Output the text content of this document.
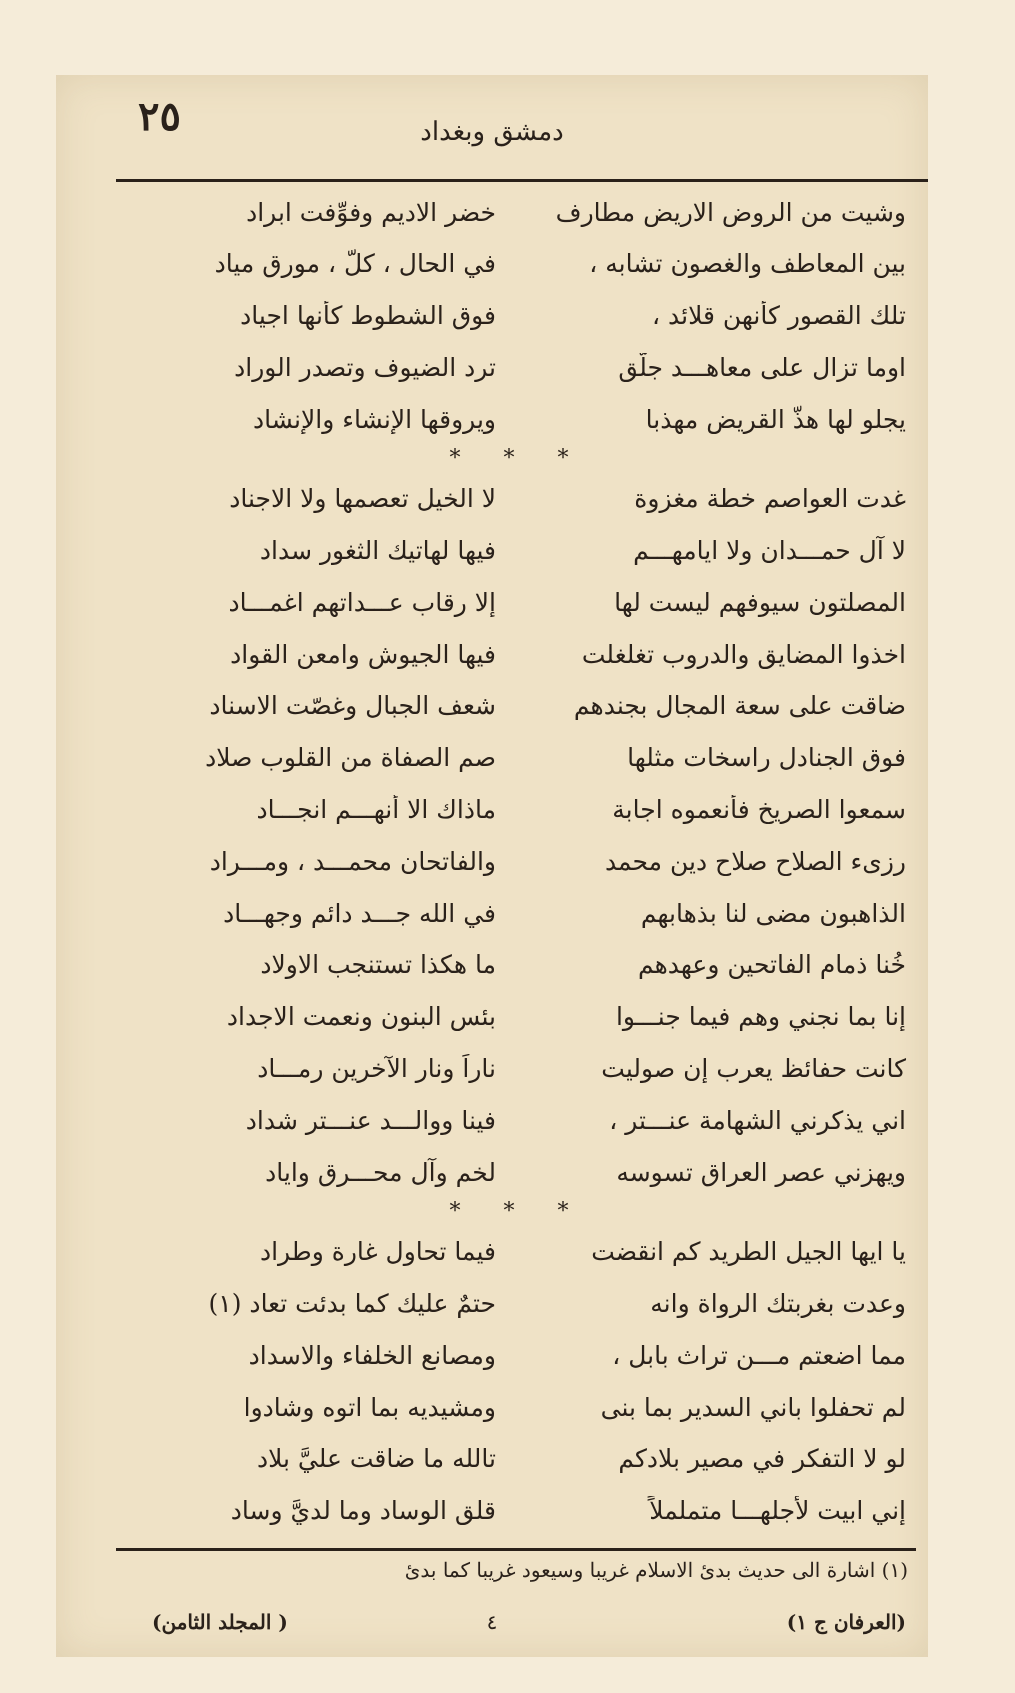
٢٥	دمشق وبغداد
وشيت من الروض الاريض مطارف
خضر الاديم وفوِّفت ابراد
بين المعاطف والغصون تشابه ،
في الحال ، كلٌّ ، مورق مياد
تلك القصور كأنهن قلائد ،
فوق الشطوط كأنها اجياد
اوما تزال على معاهـــد جلّق
ترد الضيوف وتصدر الوراد
يجلو لها هذّ القريض مهذبا
ويروقها الإنشاء والإنشاد
* * *
غدت العواصم خطة مغزوة
لا الخيل تعصمها ولا الاجناد
لا آل حمـــدان ولا ايامهـــم
فيها لهاتيك الثغور سداد
المصلتون سيوفهم ليست لها
إلا رقاب عـــداتهم اغمـــاد
اخذوا المضايق والدروب تغلغلت
فيها الجيوش وامعن القواد
ضاقت على سعة المجال بجندهم
شعف الجبال وغصّت الاسناد
فوق الجنادل راسخات مثلها
صم الصفاة من القلوب صلاد
سمعوا الصريخ فأنعموه اجابة
ماذاك الا أنهـــم انجـــاد
رزىء الصلاح صلاح دين محمد
والفاتحان محمـــد ، ومـــراد
الذاهبون مضى لنا بذهابهم
في الله جـــد دائم وجهـــاد
خُنا ذمام الفاتحين وعهدهم
ما هكذا تستنجب الاولاد
إنا بما نجني وهم فيما جنـــوا
بئس البنون ونعمت الاجداد
كانت حفائظ يعرب إن صوليت
ناراً ونار الآخرين رمـــاد
اني يذكرني الشهامة عنـــتر ،
فينا ووالـــد عنـــتر شداد
ويهزني عصر العراق تسوسه
لخم وآل محـــرق واياد
* * *
يا ايها الجيل الطريد كم انقضت
فيما تحاول غارة وطراد
وعدت بغربتك الرواة وانه
حتمٌ عليك كما بدئت تعاد (١)
مما اضعتم مـــن تراث بابل ،
ومصانع الخلفاء والاسداد
لم تحفلوا باني السدير بما بنى
ومشيديه بما اتوه وشادوا
لو لا التفكر في مصير بلادكم
تالله ما ضاقت عليَّ بلاد
إني ابيت لأجلهـــا متململاً
قلق الوساد وما لديَّ وساد
(١) اشارة الى حديث بدئ الاسلام غريبا وسيعود غريبا كما بدئ
(العرفان ج ١)
٤
( المجلد الثامن)
